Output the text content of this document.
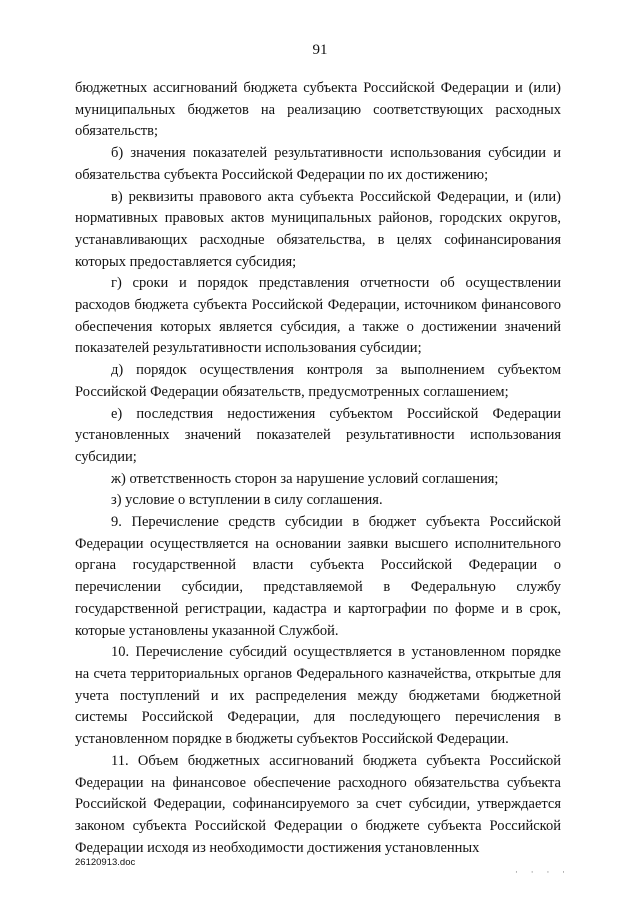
91

бюджетных ассигнований бюджета субъекта Российской Федерации и (или) муниципальных бюджетов на реализацию соответствующих расходных обязательств;

б) значения показателей результативности использования субсидии и обязательства субъекта Российской Федерации по их достижению;

в) реквизиты правового акта субъекта Российской Федерации, и (или) нормативных правовых актов муниципальных районов, городских округов, устанавливающих расходные обязательства, в целях софинансирования которых предоставляется субсидия;

г) сроки и порядок представления отчетности об осуществлении расходов бюджета субъекта Российской Федерации, источником финансового обеспечения которых является субсидия, а также о достижении значений показателей результативности использования субсидии;

д) порядок осуществления контроля за выполнением субъектом Российской Федерации обязательств, предусмотренных соглашением;

е) последствия недостижения субъектом Российской Федерации установленных значений показателей результативности использования субсидии;

ж) ответственность сторон за нарушение условий соглашения;

з) условие о вступлении в силу соглашения.

9. Перечисление средств субсидии в бюджет субъекта Российской Федерации осуществляется на основании заявки высшего исполнительного органа государственной власти субъекта Российской Федерации о перечислении субсидии, представляемой в Федеральную службу государственной регистрации, кадастра и картографии по форме и в срок, которые установлены указанной Службой.

10. Перечисление субсидий осуществляется в установленном порядке на счета территориальных органов Федерального казначейства, открытые для учета поступлений и их распределения между бюджетами бюджетной системы Российской Федерации, для последующего перечисления в установленном порядке в бюджеты субъектов Российской Федерации.

11. Объем бюджетных ассигнований бюджета субъекта Российской Федерации на финансовое обеспечение расходного обязательства субъекта Российской Федерации, софинансируемого за счет субсидии, утверждается законом субъекта Российской Федерации о бюджете субъекта Российской Федерации исходя из необходимости достижения установленных

26120913.doc
· · · ·
